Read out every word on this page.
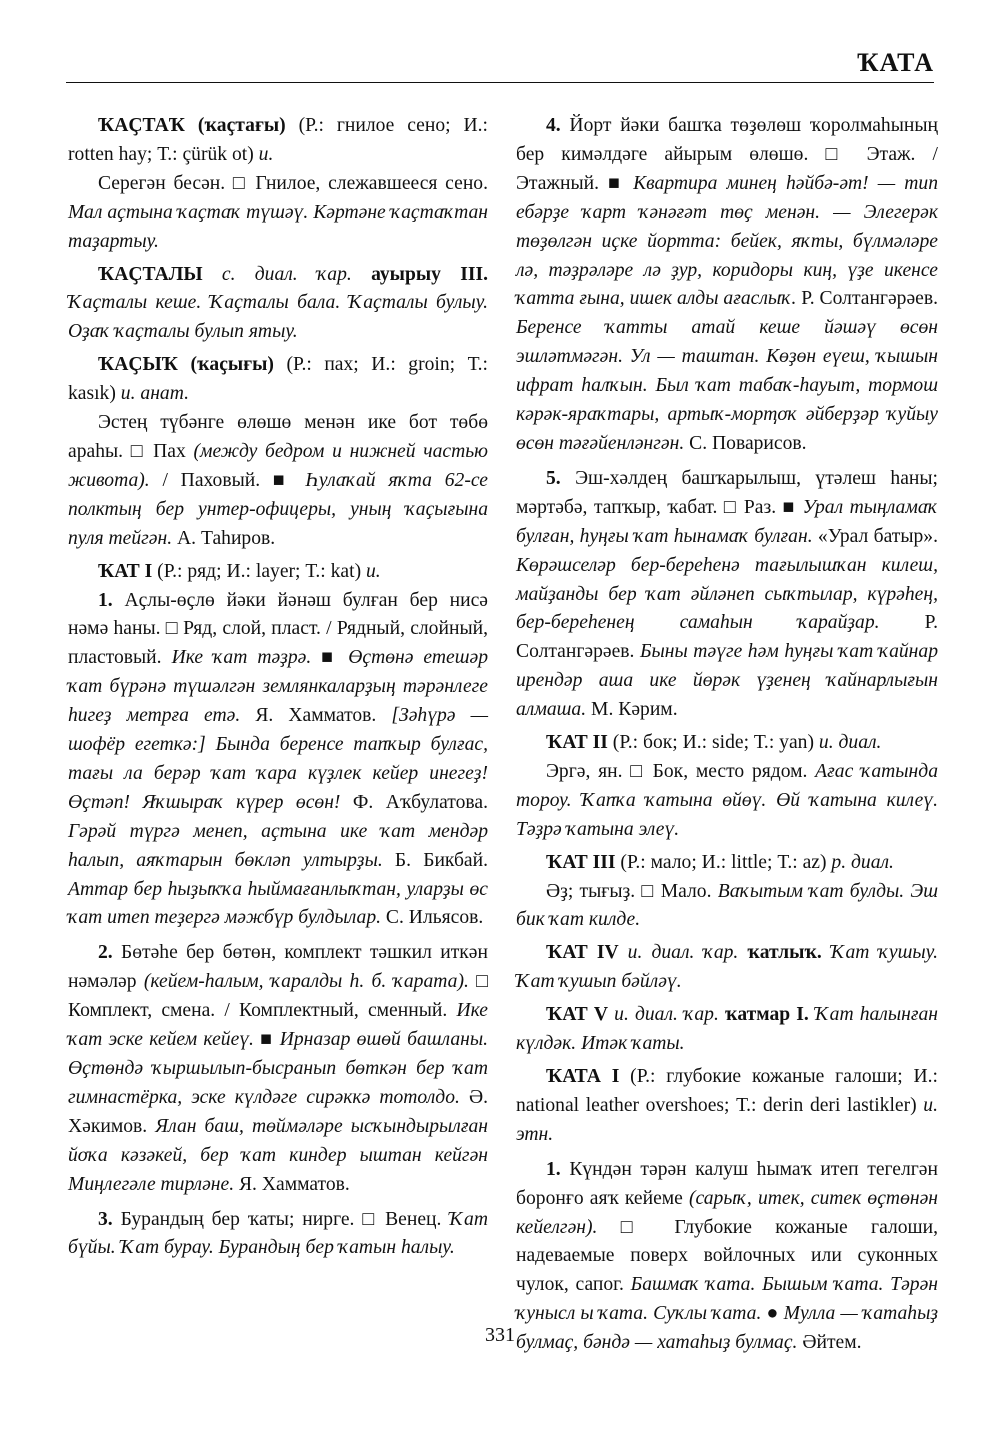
ҠАТА

ҠАҪТАҠ (ҡаҫтағы) (Р.: гнилое сено; И.: rotten hay; Т.: çürük ot) и.

Серегән бесән. □ Гнилое, слежавшееся сено. Мал аҫтына ҡаҫтаҡ түшәү. Кәртәне ҡаҫтаҡтан таҙартыу.

ҠАҪТАЛЫ с. диал. ҡар. ауырыу III. Ҡаҫталы кеше. Ҡаҫталы бала. Ҡаҫталы булыу. Оҙаҡ ҡаҫталы булып ятыу.

ҠАҪЫҠ (ҡаҫығы) (Р.: пах; И.: groin; Т.: kasık) и. анат.

Эстең түбәнге өлөшө менән ике бот төбө араһы. □ Пах (между бедром и нижней частью живота). / Паховый. ■ Һулаҡай яҡта 62-се полктың бер унтер-офицеры, уның ҡаҫығына пуля тейгән. А. Таһиров.

ҠАТ I (Р.: ряд; И.: layer; Т.: kat) и.

1. Аҫлы-өҫлө йәки йәнәш булған бер нисә нәмә һаны. □ Ряд, слой, пласт. / Рядный, слойный, пластовый. Ике ҡат тәҙрә. ■ Өҫтөнә етешәр ҡат бүрәнә түшәлгән землянкаларҙың тәрәнлеге һигеҙ метрға етә. Я. Хамматов. [Зәһүрә — шофёр егеткә:] Бында беренсе тапҡыр булғас, тағы ла берәр ҡат ҡара күҙлек кейер инегеҙ! Өҫтәп! Яҡшыраҡ күрер өсөн! Ф. Аҡбулатова. Гәрәй түргә менеп, аҫтына ике ҡат мендәр һалып, аяҡтарын бөкләп ултырҙы. Б. Бикбай. Аттар бер һыҙыҡҡа һыймағанлыҡтан, уларҙы өс ҡат итеп теҙергә мәжбүр булдылар. С. Ильясов.

2. Бөтәһе бер бөтөн, комплект тәшкил иткән нәмәләр (кейем-һалым, ҡаралды һ. б. ҡарата). □ Комплект, смена. / Комплектный, сменный. Ике ҡат эске кейем кейеү. ■ Ирназар өшөй башланы. Өҫтөндә ҡыршылып-бысранып бөткән бер ҡат гимнастёрка, эске күлдәге сирәккә тотолдо. Ә. Хәкимов. Ялан баш, төймәләре ысҡындырылған йоҡа кәзәкей, бер ҡат киндер ыштан кейгән Миңлегәле тирләне. Я. Хамматов.

3. Бурандың бер ҡаты; нирге. □ Венец. Ҡат бүйы. Ҡат бурау. Бурандың бер ҡатын һалыу.

4. Йорт йәки башҡа төҙөлөш ҡоролмаһының бер кимәлдәге айырым өлөшө. □ Этаж. / Этажный. ■ Квартира минең һәйбә-әт! — тип ебәрҙе ҡарт ҡәнәғәт төҫ менән. — Элегерәк төҙөлгән иҫке йортта: бейек, яҡты, бүлмәләре лә, тәҙрәләре лә ҙур, коридоры киң, үҙе икенсе ҡатта ғына, ишек алды ағаслыҡ. Р. Солтангәрәев. Беренсе ҡатты атай кеше йәшәү өсөн эшләтмәгән. Ул — таштан. Көҙөн еүеш, ҡышын ифрат һалҡын. Был ҡат табаҡ-һауыт, тормош кәрәк-яраҡтары, артыҡ-морҭоҡ әйберҙәр ҡуйыу өсөн тәғәйенләнгән. С. Поварисов.

5. Эш-хәлдең башҡарылыш, үтәлеш һаны; мәртәбә, тапҡыр, ҡабат. □ Раз. ■ Урал тыңламаҡ булған, һуңғы ҡат һынамаҡ булған. «Урал батыр». Көрәшселәр бер-береһенә тағылышҡан килеш, майҙанды бер ҡат әйләнеп сыҡтылар, күрәһең, бер-береһенең самаһын ҡарайҙар. Р. Солтангәрәев. Быны тәүге һәм һуңғы ҡат ҡайнар ирендәр аша ике йөрәк үҙенең ҡайнарлығын алмаша. М. Кәрим.

ҠАТ II (Р.: бок; И.: side; Т.: yan) и. диал.

Эргә, ян. □ Бок, место рядом. Ағас ҡатында тороу. Ҡапҡа ҡатына өйөү. Өй ҡатына килеү. Тәҙрә ҡатына элеү.

ҠАТ III (Р.: мало; И.: little; Т.: az) р. диал.

Әҙ; тығыҙ. □ Мало. Ваҡытым ҡат булды. Эш бик ҡат килде.

ҠАТ IV и. диал. ҡар. ҡатлыҡ. Ҡат ҡушыу. Ҡат ҡушып бәйләү.

ҠАТ V и. диал. ҡар. ҡатмар I. Ҡат һалынған күлдәк. Итәк ҡаты.

ҠАТА I (Р.: глубокие кожаные галоши; И.: national leather overshoes; Т.: derin deri lastikler) и. этн.

1. Күндән тәрән калуш һымаҡ итеп тегелгән боронғо аяҡ кейеме (сарыҡ, итек, ситек өҫтөнән кейелгән). □ Глубокие кожаные галоши, надеваемые поверх войлочных или суконных чулок, сапог. Башмаҡ ҡата. Бышым ҡата. Тәрән ҡунысл ы ҡата. Суҡлы ҡата. ● Мулла — ҡатаһыҙ булмаҫ, бәндә — хатаһыҙ булмаҫ. Әйтем.

331
